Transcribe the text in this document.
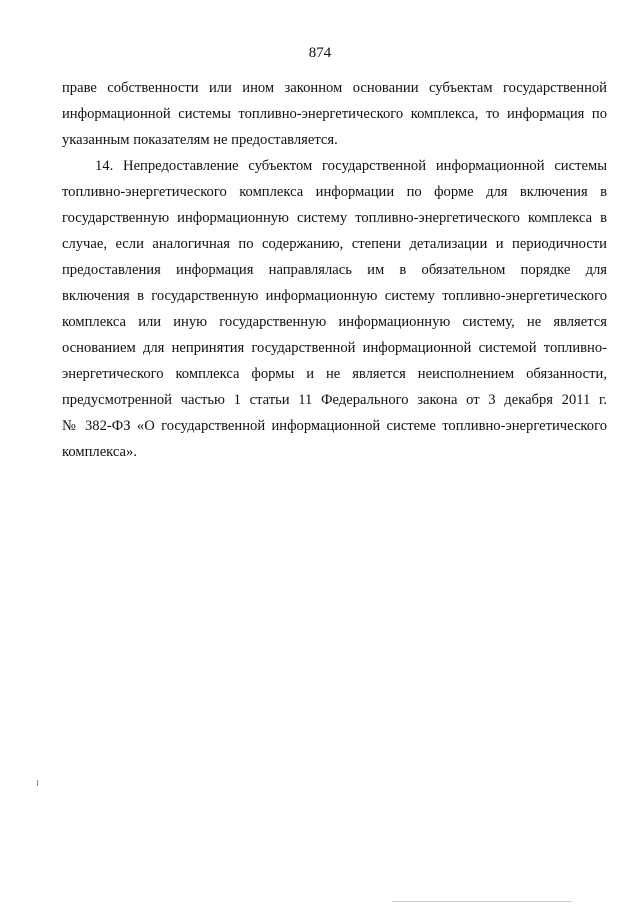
874
праве собственности или ином законном основании субъектам государственной
информационной системы топливно-энергетического комплекса, то информация по
указанным показателям не предоставляется.
14. Непредоставление субъектом государственной информационной системы
топливно-энергетического комплекса информации по форме для включения в
государственную информационную систему топливно-энергетического комплекса в
случае, если аналогичная по содержанию, степени детализации и периодичности
предоставления информация направлялась им в обязательном порядке для
включения в государственную информационную систему топливно-энергетического
комплекса или иную государственную информационную систему, не является
основанием для непринятия государственной информационной системой топливно-
энергетического комплекса формы и не является неисполнением обязанности,
предусмотренной частью 1 статьи 11 Федерального закона от 3 декабря 2011 г.
№ 382-ФЗ «О государственной информационной системе топливно-энергетического
комплекса».
